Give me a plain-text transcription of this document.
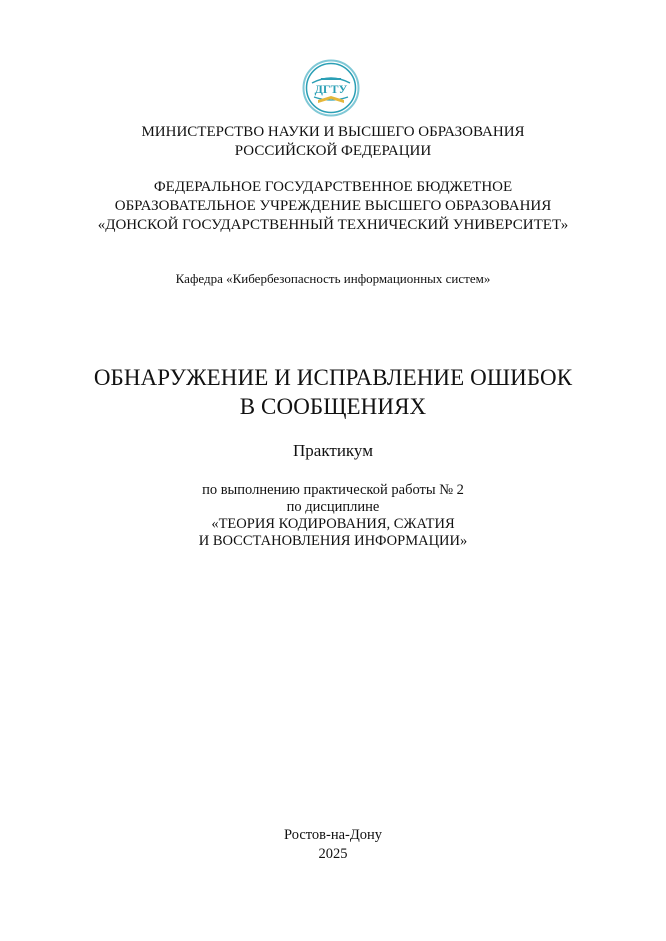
ДГТУ
МИНИСТЕРСТВО НАУКИ И ВЫСШЕГО ОБРАЗОВАНИЯ
РОССИЙСКОЙ ФЕДЕРАЦИИ
ФЕДЕРАЛЬНОЕ ГОСУДАРСТВЕННОЕ БЮДЖЕТНОЕ
ОБРАЗОВАТЕЛЬНОЕ УЧРЕЖДЕНИЕ ВЫСШЕГО ОБРАЗОВАНИЯ
«ДОНСКОЙ ГОСУДАРСТВЕННЫЙ ТЕХНИЧЕСКИЙ УНИВЕРСИТЕТ»
Кафедра «Кибербезопасность информационных систем»
ОБНАРУЖЕНИЕ И ИСПРАВЛЕНИЕ ОШИБОК
В СООБЩЕНИЯХ
Практикум
по выполнению практической работы № 2
по дисциплине
«ТЕОРИЯ КОДИРОВАНИЯ, СЖАТИЯ
И ВОССТАНОВЛЕНИЯ ИНФОРМАЦИИ»
Ростов-на-Дону
2025
